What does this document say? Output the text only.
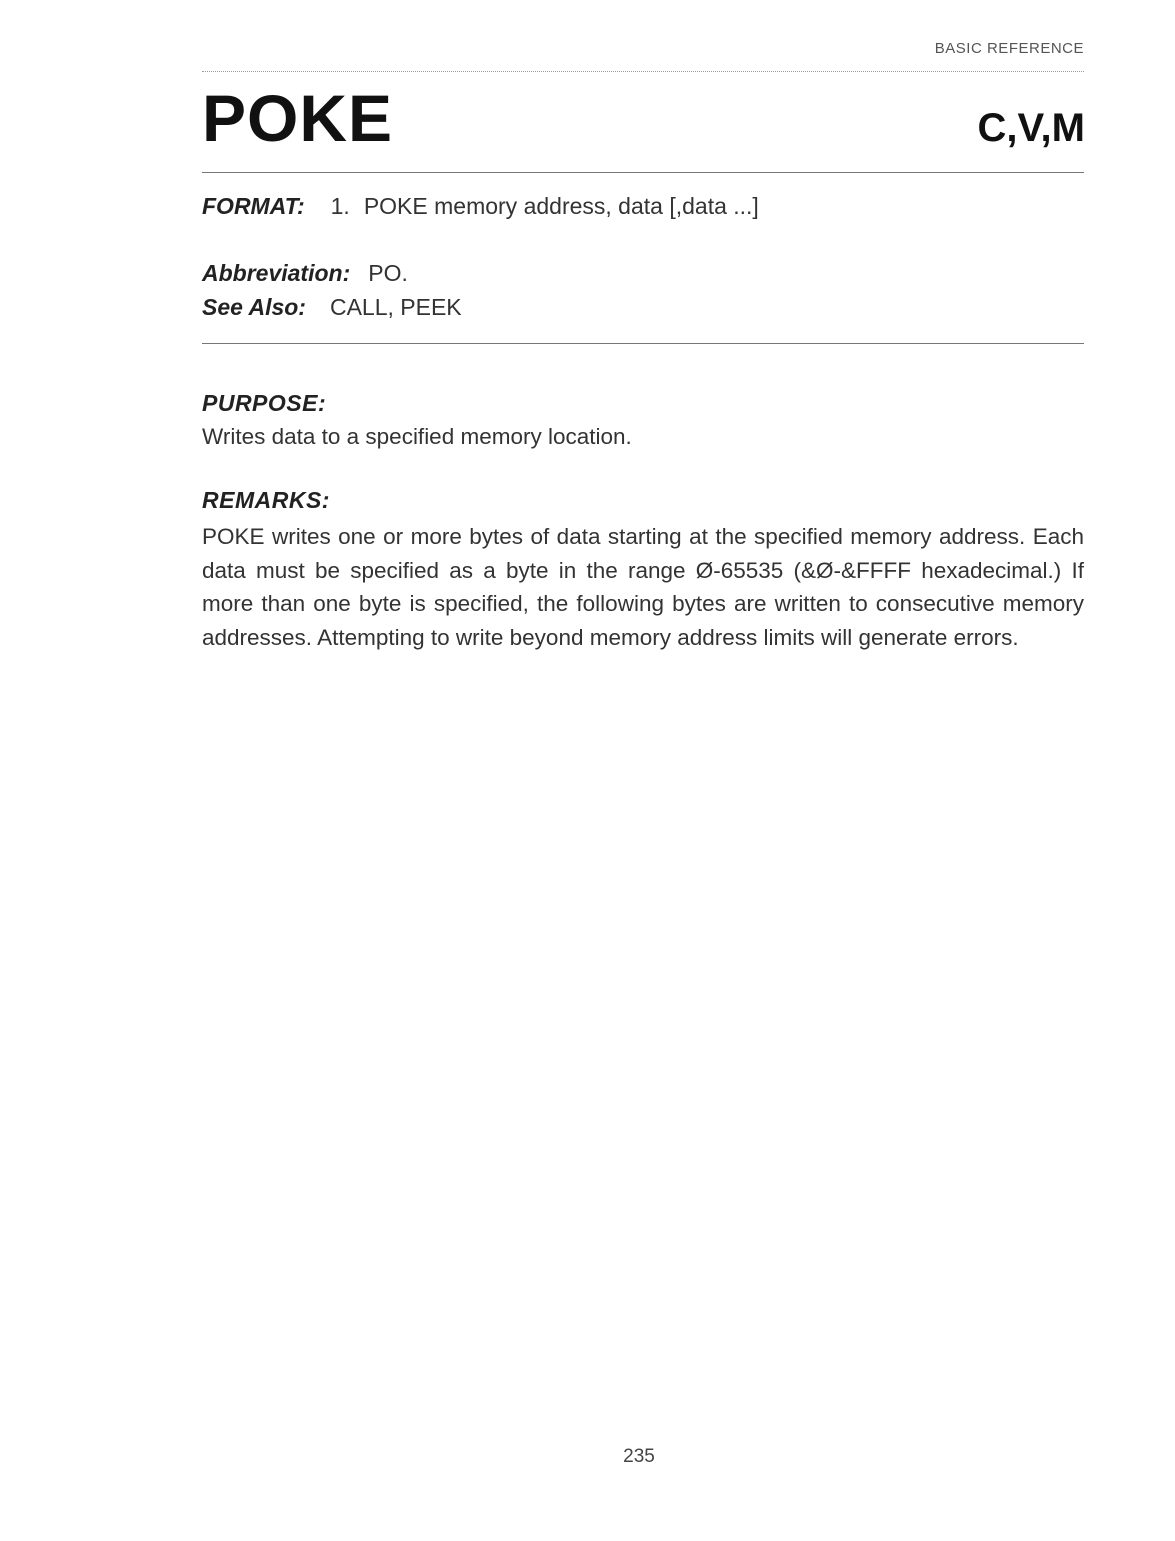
BASIC REFERENCE
POKE	C,V,M
FORMAT: 1. POKE memory address, data [,data ...]
Abbreviation: PO.
See Also: CALL, PEEK
PURPOSE:
Writes data to a specified memory location.
REMARKS:
POKE writes one or more bytes of data starting at the specified memory address. Each data must be specified as a byte in the range Ø-65535 (&Ø-&FFFF hexadecimal.) If more than one byte is specified, the following bytes are written to consecutive memory addresses. Attempting to write beyond memory address limits will generate errors.
235
